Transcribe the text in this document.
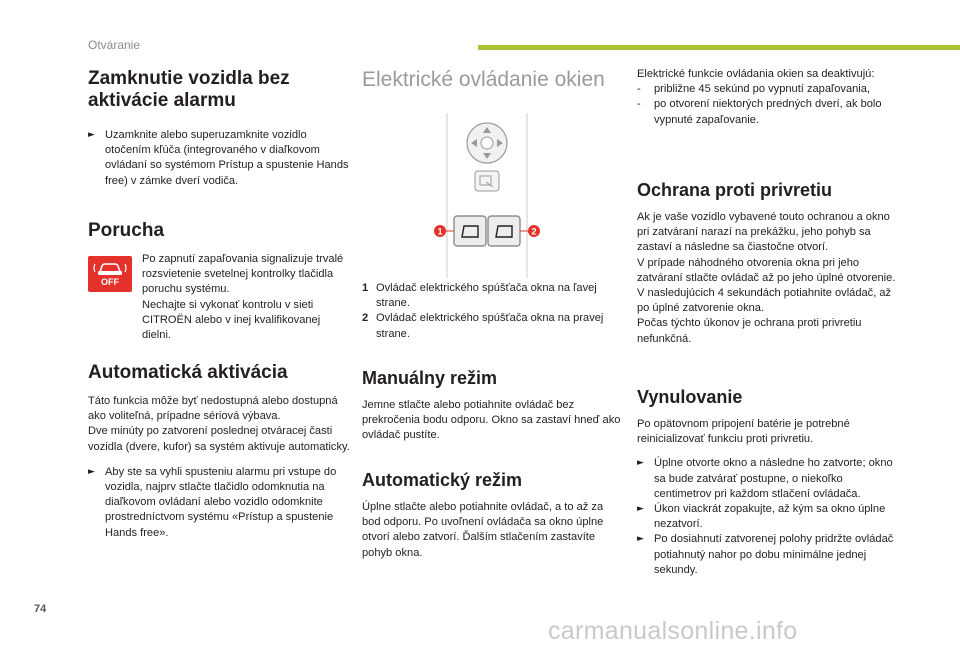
Otváranie
Zamknutie vozidla bez
aktivácie alarmu
► Uzamknite alebo superuzamknite vozidlo otočením kľúča (integrovaného v diaľkovom ovládaní so systémom Prístup a spustenie Hands free) v zámke dverí vodiča.
Porucha
OFF

Po zapnutí zapaľovania signalizuje trvalé rozsvietenie svetelnej kontrolky tlačidla poruchu systému.

Nechajte si vykonať kontrolu v sieti CITROËN alebo v inej kvalifikovanej dielni.

Automatická aktivácia

Táto funkcia môže byť nedostupná alebo dostupná ako voliteľná, prípadne sériová výbava.

Dve minúty po zatvorení poslednej otváracej časti vozidla (dvere, kufor) sa systém aktivuje automaticky.

► Aby ste sa vyhli spusteniu alarmu pri vstupe do vozidla, najprv stlačte tlačidlo odomknutia na diaľkovom ovládaní alebo vozidlo odomknite prostredníctvom systému «Prístup a spustenie Hands free».
Elektrické ovládanie okien
1	2
1 Ovládač elektrického spúšťača okna na ľavej strane.
2 Ovládač elektrického spúšťača okna na pravej strane.
Manuálny režim

Jemne stlačte alebo potiahnite ovládač bez prekročenia bodu odporu. Okno sa zastaví hneď ako ovládač pustíte.

Automatický režim

Úplne stlačte alebo potiahnite ovládač, a to až za bod odporu. Po uvoľnení ovládača sa okno úplne otvorí alebo zatvorí. Ďalším stlačením zastavíte pohyb okna.

Elektrické funkcie ovládania okien sa deaktivujú:

- približne 45 sekúnd po vypnutí zapaľovania,
- po otvorení niektorých predných dverí, ak bolo vypnuté zapaľovanie.
Ochrana proti privretiu

Ak je vaše vozidlo vybavené touto ochranou a okno pri zatváraní narazí na prekážku, jeho pohyb sa zastaví a následne sa čiastočne otvorí.

V prípade náhodného otvorenia okna pri jeho zatváraní stlačte ovládač až po jeho úplné otvorenie. V nasledujúcich 4 sekundách potiahnite ovládač, až po úplné zatvorenie okna.

Počas týchto úkonov je ochrana proti privretiu nefunkčná.

Vynulovanie

Po opätovnom pripojení batérie je potrebné reinicializovať funkciu proti privretiu.

► Úplne otvorte okno a následne ho zatvorte; okno sa bude zatvárať postupne, o niekoľko centimetrov pri každom stlačení ovládača.
► Úkon viackrát zopakujte, až kým sa okno úplne nezatvorí.
► Po dosiahnutí zatvorenej polohy pridržte ovládač potiahnutý nahor po dobu minimálne jednej sekundy.
74
carmanualsonline.info
